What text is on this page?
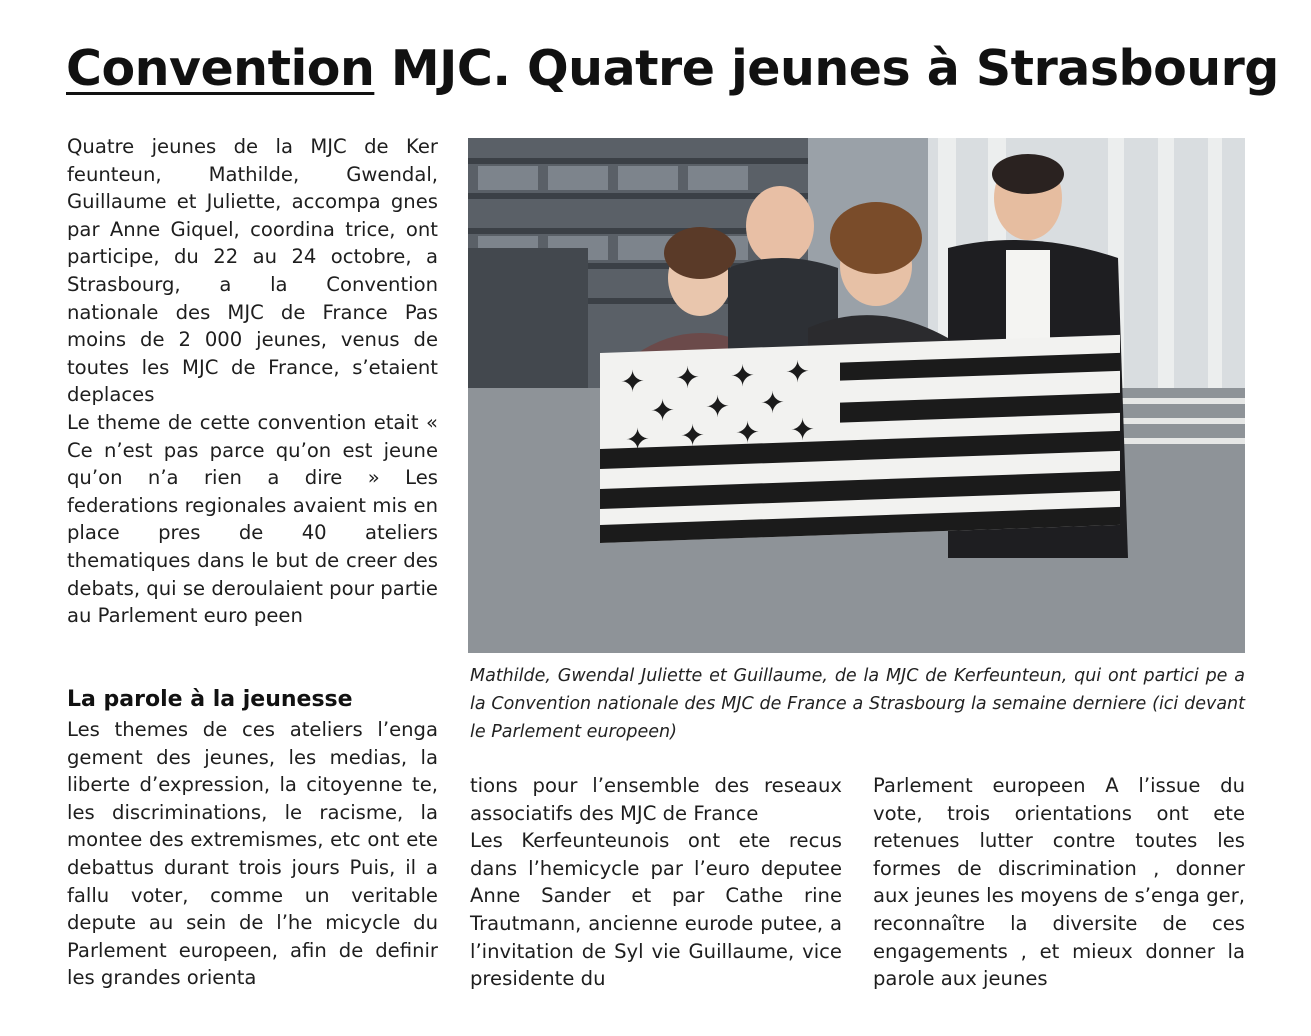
Convention MJC. Quatre jeunes à Strasbourg

Quatre jeunes de la MJC de Ker feunteun, Mathilde, Gwendal, Guillaume et Juliette, accompa gnes par Anne Giquel, coordina trice, ont participe, du 22 au 24 octobre, a Strasbourg, a la Convention nationale des MJC de France Pas moins de 2 000 jeunes, venus de toutes les MJC de France, s’etaient deplaces

Le theme de cette convention etait « Ce n’est pas parce qu’on est jeune qu’on n’a rien a dire » Les federations regionales avaient mis en place pres de 40 ateliers thematiques dans le but de creer des debats, qui se deroulaient pour partie au Parlement euro peen

La parole à la jeunesse

Les themes de ces ateliers l’enga gement des jeunes, les medias, la liberte d’expression, la citoyenne te, les discriminations, le racisme, la montee des extremismes, etc ont ete debattus durant trois jours Puis, il a fallu voter, comme un veritable depute au sein de l’he micycle du Parlement europeen, afin de definir les grandes orienta

✦ ✦ ✦ ✦
✦ ✦ ✦
✦ ✦ ✦ ✦

Mathilde, Gwendal Juliette et Guillaume, de la MJC de Kerfeunteun, qui ont partici pe a la Convention nationale des MJC de France a Strasbourg la semaine derniere (ici devant le Parlement europeen)

tions pour l’ensemble des reseaux associatifs des MJC de France

Les Kerfeunteunois ont ete recus dans l’hemicycle par l’euro deputee Anne Sander et par Cathe rine Trautmann, ancienne eurode putee, a l’invitation de Syl vie Guillaume, vice presidente du

Parlement europeen A l’issue du vote, trois orientations ont ete retenues lutter contre toutes les formes de discrimination , donner aux jeunes les moyens de s’enga ger, reconnaître la diversite de ces engagements , et mieux donner la parole aux jeunes
